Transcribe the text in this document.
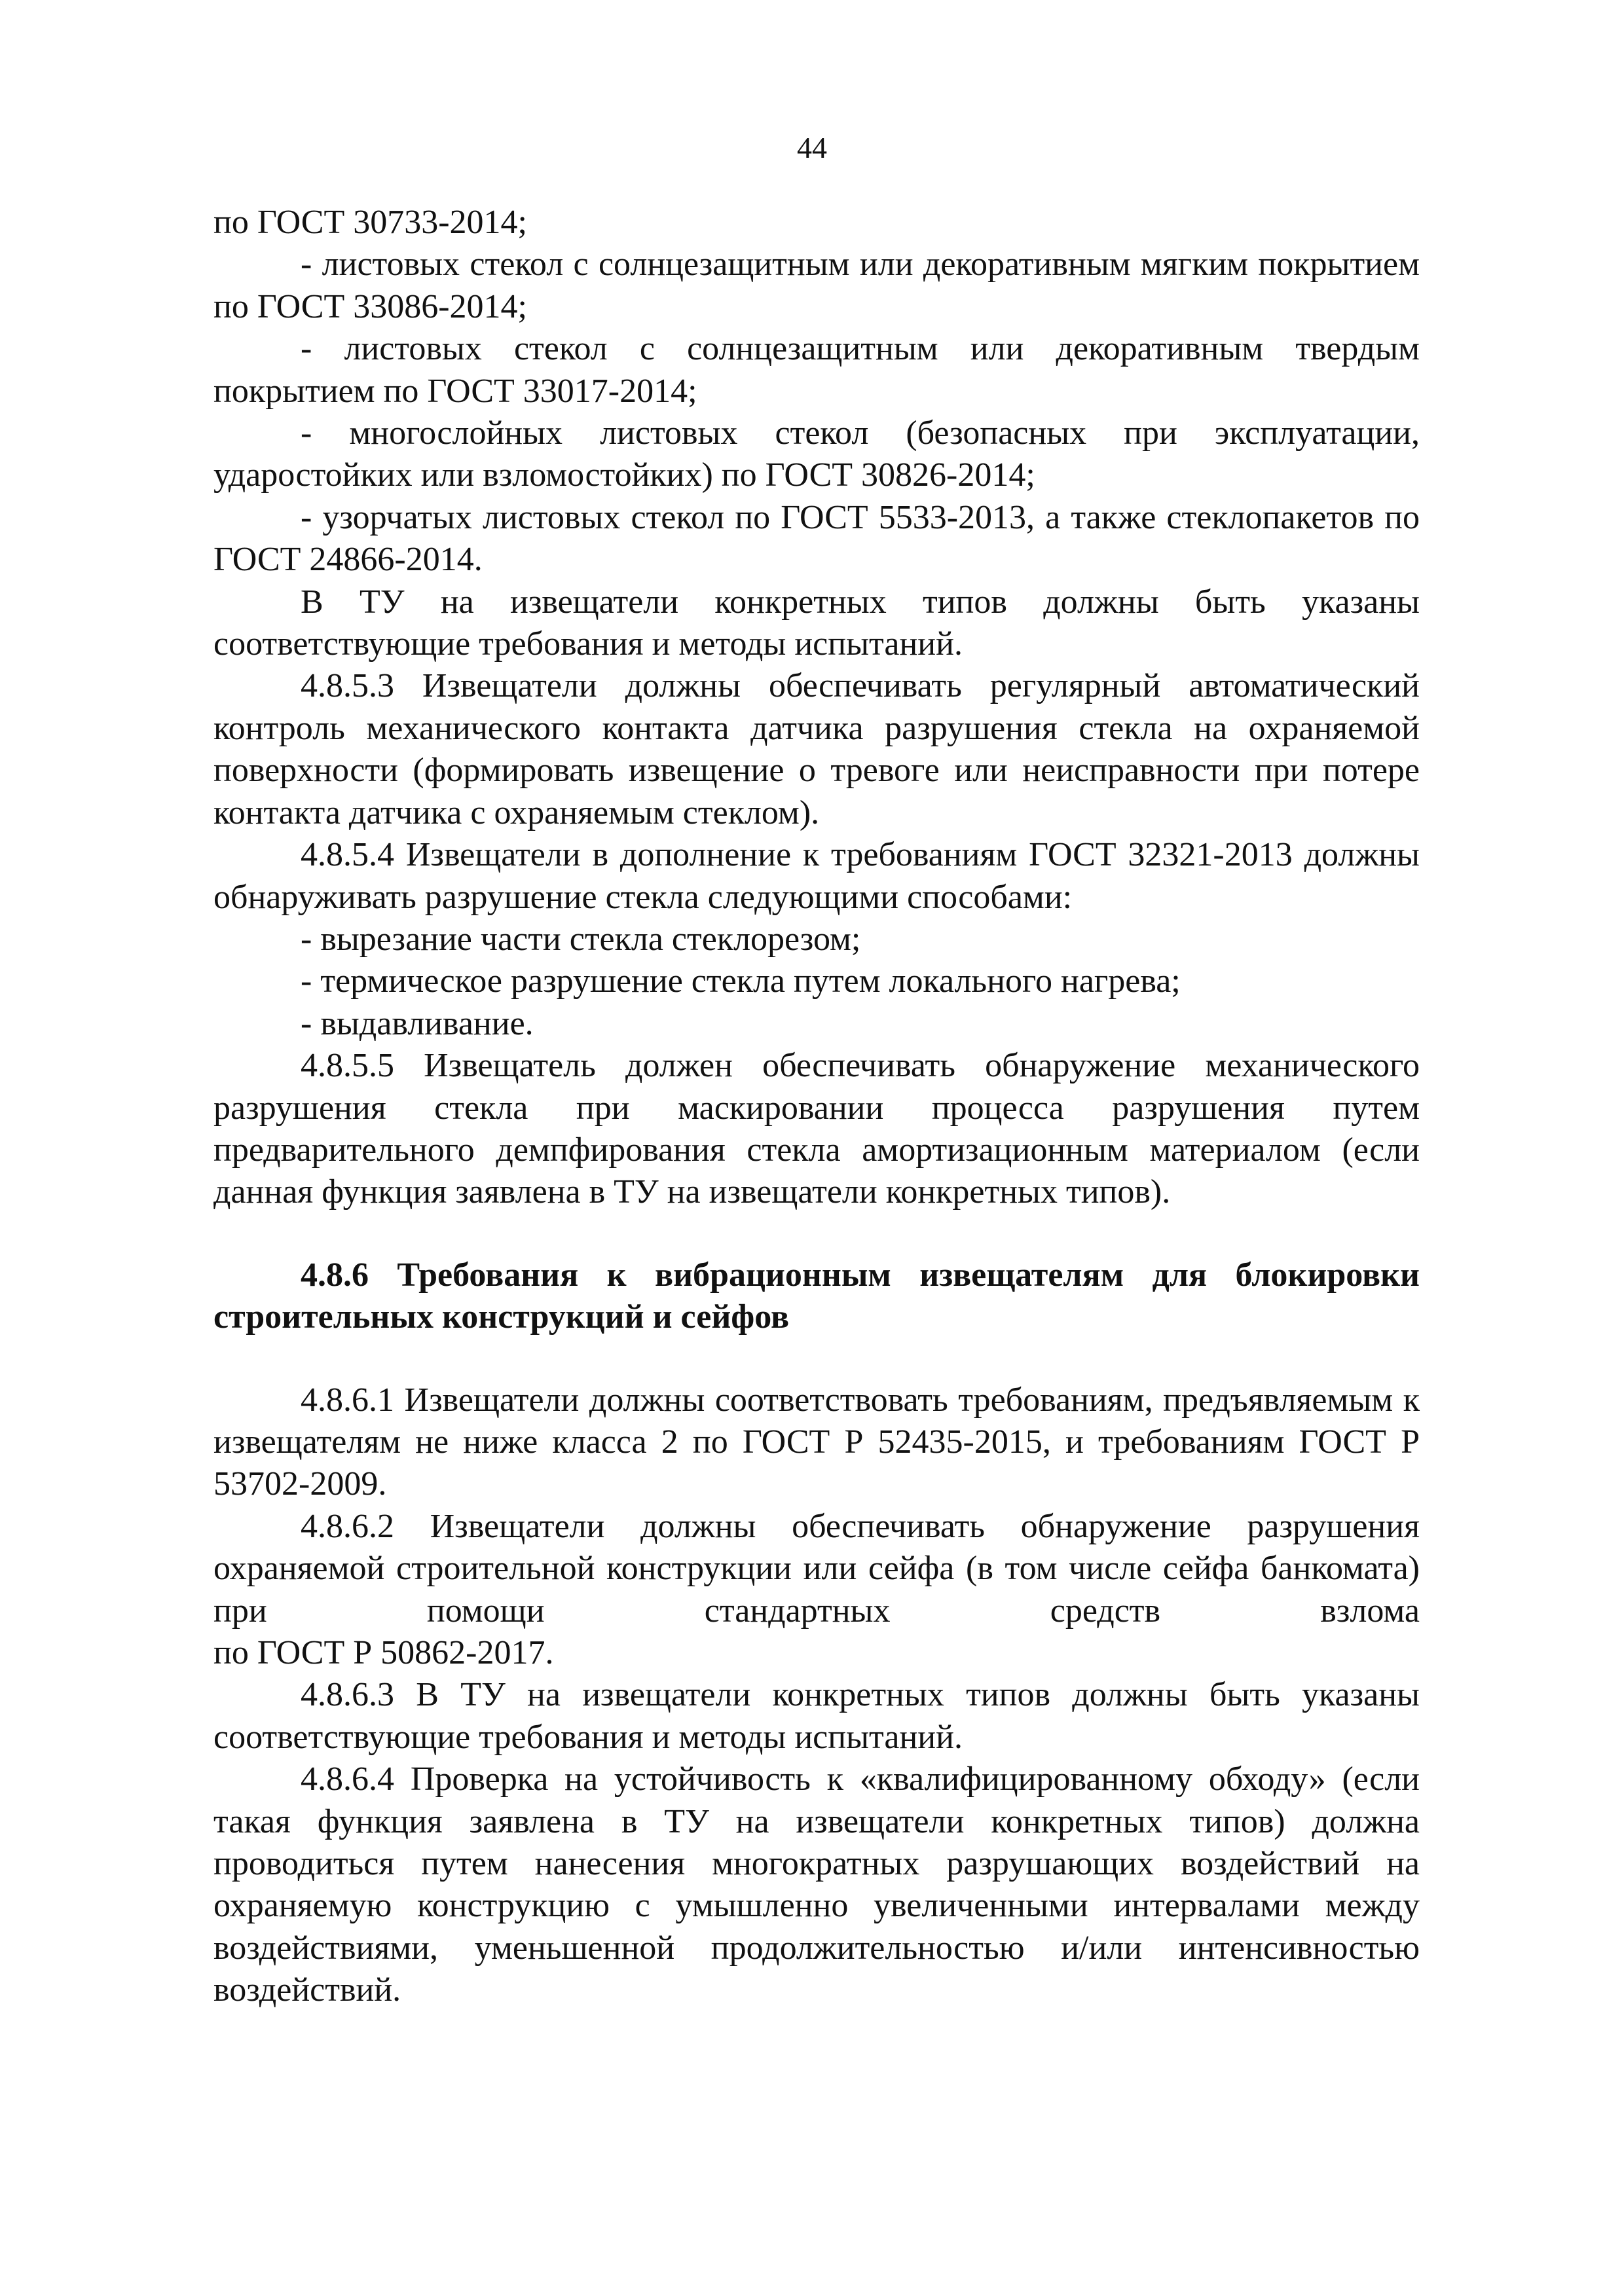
44

по ГОСТ 30733-2014;

- листовых стекол с солнцезащитным или декоративным мягким покрытием по ГОСТ 33086-2014;

- листовых стекол с солнцезащитным или декоративным твердым покрытием по ГОСТ 33017-2014;

- многослойных листовых стекол (безопасных при эксплуатации, ударостойких или взломостойких) по ГОСТ 30826-2014;

- узорчатых листовых стекол по ГОСТ 5533-2013, а также стеклопакетов по ГОСТ 24866-2014.

В ТУ на извещатели конкретных типов должны быть указаны соответствующие требования и методы испытаний.

4.8.5.3 Извещатели должны обеспечивать регулярный автоматический контроль механического контакта датчика разрушения стекла на охраняемой поверхности (формировать извещение о тревоге или неисправности при потере контакта датчика с охраняемым стеклом).

4.8.5.4 Извещатели в дополнение к требованиям ГОСТ 32321-2013 должны обнаруживать разрушение стекла следующими способами:

- вырезание части стекла стеклорезом;

- термическое разрушение стекла путем локального нагрева;

- выдавливание.

4.8.5.5 Извещатель должен обеспечивать обнаружение механического разрушения стекла при маскировании процесса разрушения путем предварительного демпфирования стекла амортизационным материалом (если данная функция заявлена в ТУ на извещатели конкретных типов).

4.8.6 Требования к вибрационным извещателям для блокировки строительных конструкций и сейфов

4.8.6.1 Извещатели должны соответствовать требованиям, предъявляемым к извещателям не ниже класса 2 по ГОСТ Р 52435-2015, и требованиям ГОСТ Р 53702-2009.

4.8.6.2 Извещатели должны обеспечивать обнаружение разрушения охраняемой строительной конструкции или сейфа (в том числе сейфа банкомата) при помощи стандартных средств взлома

по ГОСТ Р 50862-2017.

4.8.6.3 В ТУ на извещатели конкретных типов должны быть указаны соответствующие требования и методы испытаний.

4.8.6.4 Проверка на устойчивость к «квалифицированному обходу» (если такая функция заявлена в ТУ на извещатели конкретных типов) должна проводиться путем нанесения многократных разрушающих воздействий на охраняемую конструкцию с умышленно увеличенными интервалами между воздействиями, уменьшенной продолжительностью и/или интенсивностью воздействий.
